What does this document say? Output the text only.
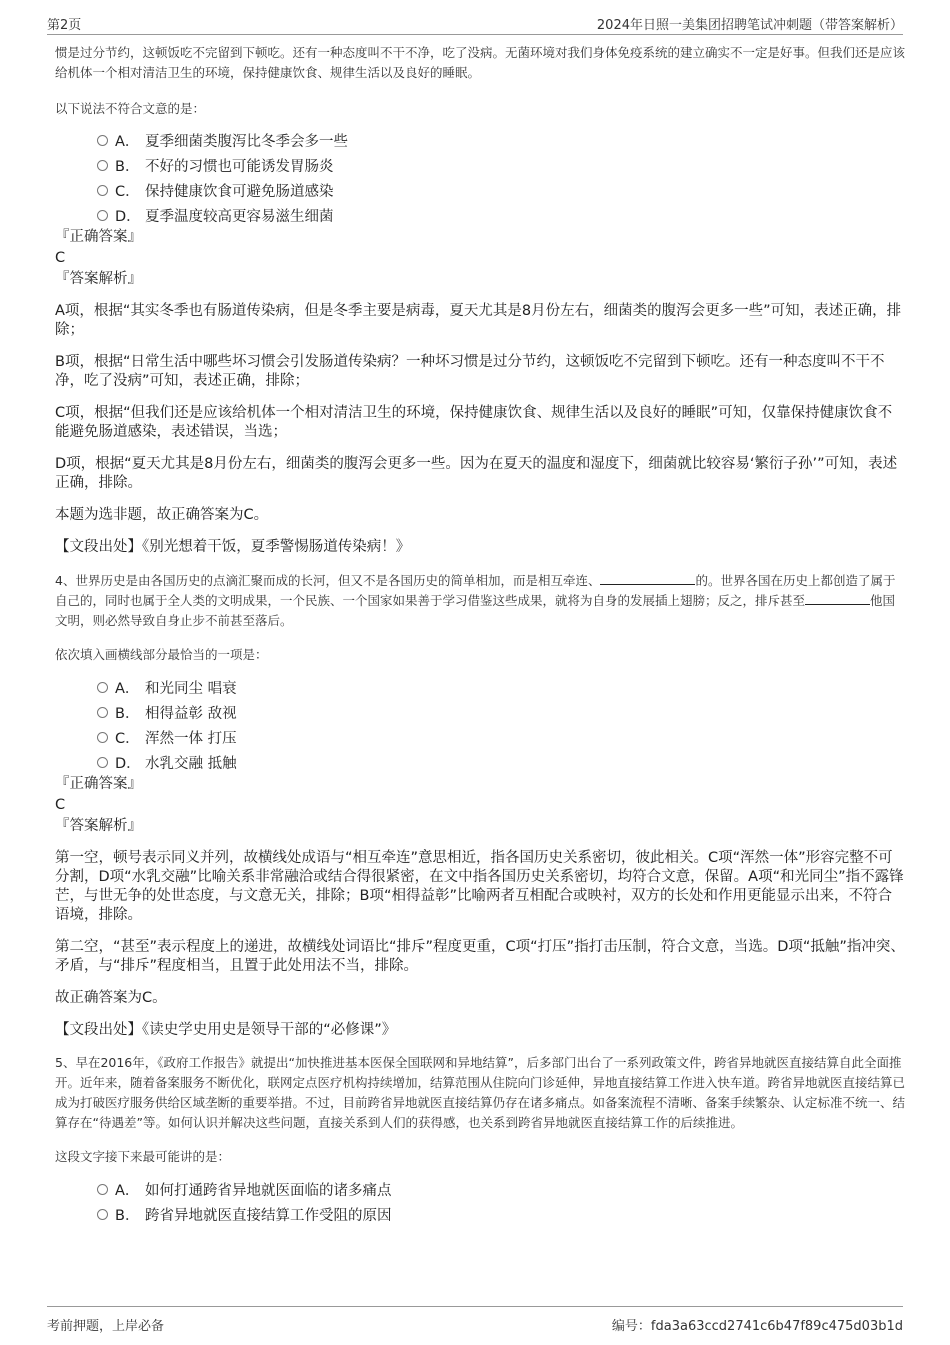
第2页	2024年日照一美集团招聘笔试冲刺题（带答案解析）

惯是过分节约，这顿饭吃不完留到下顿吃。还有一种态度叫不干不净，吃了没病。无菌环境对我们身体免疫系统的建立确实不一定是好事。但我们还是应该给机体一个相对清洁卫生的环境，保持健康饮食、规律生活以及良好的睡眠。

以下说法不符合文意的是：

A． 夏季细菌类腹泻比冬季会多一些
B． 不好的习惯也可能诱发胃肠炎
C． 保持健康饮食可避免肠道感染
D． 夏季温度较高更容易滋生细菌
『正确答案』
C
『答案解析』

A项，根据“其实冬季也有肠道传染病，但是冬季主要是病毒，夏天尤其是8月份左右，细菌类的腹泻会更多一些”可知，表述正确，排除；

B项，根据“日常生活中哪些坏习惯会引发肠道传染病？一种坏习惯是过分节约，这顿饭吃不完留到下顿吃。还有一种态度叫不干不净，吃了没病”可知，表述正确，排除；

C项，根据“但我们还是应该给机体一个相对清洁卫生的环境，保持健康饮食、规律生活以及良好的睡眠”可知，仅靠保持健康饮食不能避免肠道感染，表述错误，当选；

D项，根据“夏天尤其是8月份左右，细菌类的腹泻会更多一些。因为在夏天的温度和湿度下，细菌就比较容易‘繁衍子孙’”可知，表述正确，排除。

本题为选非题，故正确答案为C。

【文段出处】《别光想着干饭，夏季警惕肠道传染病！》

4、世界历史是由各国历史的点滴汇聚而成的长河，但又不是各国历史的简单相加，而是相互牵连、	的。世界各国在历史上都创造了属于自己的，同时也属于全人类的文明成果，一个民族、一个国家如果善于学习借鉴这些成果，就将为自身的发展插上翅膀；反之，排斥甚至	他国文明，则必然导致自身止步不前甚至落后。

依次填入画横线部分最恰当的一项是：

A． 和光同尘 唱衰
B． 相得益彰 敌视
C． 浑然一体 打压
D． 水乳交融 抵触
『正确答案』
C
『答案解析』

第一空，顿号表示同义并列，故横线处成语与“相互牵连”意思相近，指各国历史关系密切，彼此相关。C项“浑然一体”形容完整不可分割，D项“水乳交融”比喻关系非常融洽或结合得很紧密，在文中指各国历史关系密切，均符合文意，保留。A项“和光同尘”指不露锋芒，与世无争的处世态度，与文意无关，排除；B项“相得益彰”比喻两者互相配合或映衬，双方的长处和作用更能显示出来，不符合语境，排除。

第二空，“甚至”表示程度上的递进，故横线处词语比“排斥”程度更重，C项“打压”指打击压制，符合文意，当选。D项“抵触”指冲突、矛盾，与“排斥”程度相当，且置于此处用法不当，排除。

故正确答案为C。

【文段出处】《读史学史用史是领导干部的“必修课”》

5、早在2016年，《政府工作报告》就提出“加快推进基本医保全国联网和异地结算”，后多部门出台了一系列政策文件，跨省异地就医直接结算自此全面推开。近年来，随着备案服务不断优化，联网定点医疗机构持续增加，结算范围从住院向门诊延伸，异地直接结算工作进入快车道。跨省异地就医直接结算已成为打破医疗服务供给区域垄断的重要举措。不过，目前跨省异地就医直接结算仍存在诸多痛点。如备案流程不清晰、备案手续繁杂、认定标准不统一、结算存在“待遇差”等。如何认识并解决这些问题，直接关系到人们的获得感，也关系到跨省异地就医直接结算工作的后续推进。

这段文字接下来最可能讲的是：

A． 如何打通跨省异地就医面临的诸多痛点
B． 跨省异地就医直接结算工作受阻的原因
考前押题，上岸必备	编号：fda3a63ccd2741c6b47f89c475d03b1d
